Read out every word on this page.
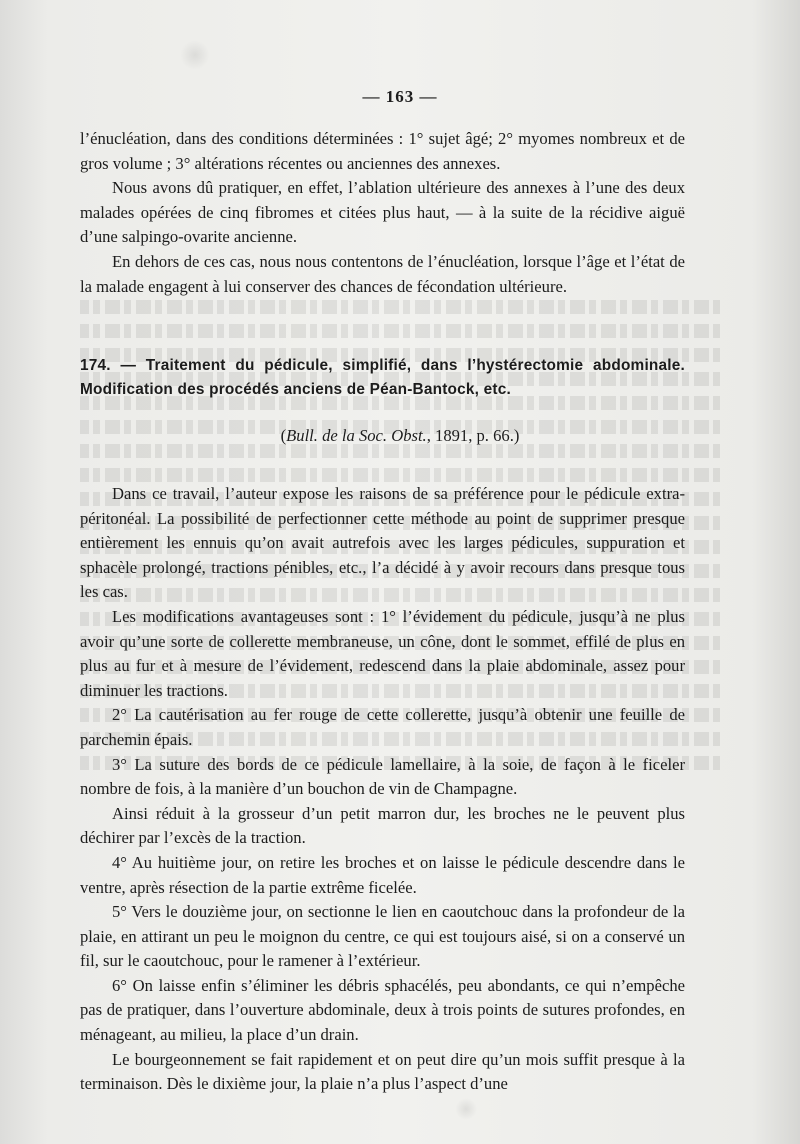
— 163 —

l’énucléation, dans des conditions déterminées : 1° sujet âgé; 2° myomes nombreux et de gros volume ; 3° altérations récentes ou anciennes des annexes.

Nous avons dû pratiquer, en effet, l’ablation ultérieure des annexes à l’une des deux malades opérées de cinq fibromes et citées plus haut, — à la suite de la récidive aiguë d’une salpingo-ovarite ancienne.

En dehors de ces cas, nous nous contentons de l’énucléation, lorsque l’âge et l’état de la malade engagent à lui conserver des chances de fécondation ultérieure.

174. — Traitement du pédicule, simplifié, dans l’hystérectomie abdominale. Modification des procédés anciens de Péan-Bantock, etc.
(Bull. de la Soc. Obst., 1891, p. 66.)

Dans ce travail, l’auteur expose les raisons de sa préférence pour le pédicule extra-péritonéal. La possibilité de perfectionner cette méthode au point de supprimer presque entièrement les ennuis qu’on avait autrefois avec les larges pédicules, suppuration et sphacèle prolongé, tractions pénibles, etc., l’a décidé à y avoir recours dans presque tous les cas.

Les modifications avantageuses sont : 1° l’évidement du pédicule, jusqu’à ne plus avoir qu’une sorte de collerette membraneuse, un cône, dont le sommet, effilé de plus en plus au fur et à mesure de l’évidement, redescend dans la plaie abdominale, assez pour diminuer les tractions.

2° La cautérisation au fer rouge de cette collerette, jusqu’à obtenir une feuille de parchemin épais.

3° La suture des bords de ce pédicule lamellaire, à la soie, de façon à le ficeler nombre de fois, à la manière d’un bouchon de vin de Champagne.

Ainsi réduit à la grosseur d’un petit marron dur, les broches ne le peuvent plus déchirer par l’excès de la traction.

4° Au huitième jour, on retire les broches et on laisse le pédicule descendre dans le ventre, après résection de la partie extrême ficelée.

5° Vers le douzième jour, on sectionne le lien en caoutchouc dans la profondeur de la plaie, en attirant un peu le moignon du centre, ce qui est toujours aisé, si on a conservé un fil, sur le caoutchouc, pour le ramener à l’extérieur.

6° On laisse enfin s’éliminer les débris sphacélés, peu abondants, ce qui n’empêche pas de pratiquer, dans l’ouverture abdominale, deux à trois points de sutures profondes, en ménageant, au milieu, la place d’un drain.

Le bourgeonnement se fait rapidement et on peut dire qu’un mois suffit presque à la terminaison. Dès le dixième jour, la plaie n’a plus l’aspect d’une
